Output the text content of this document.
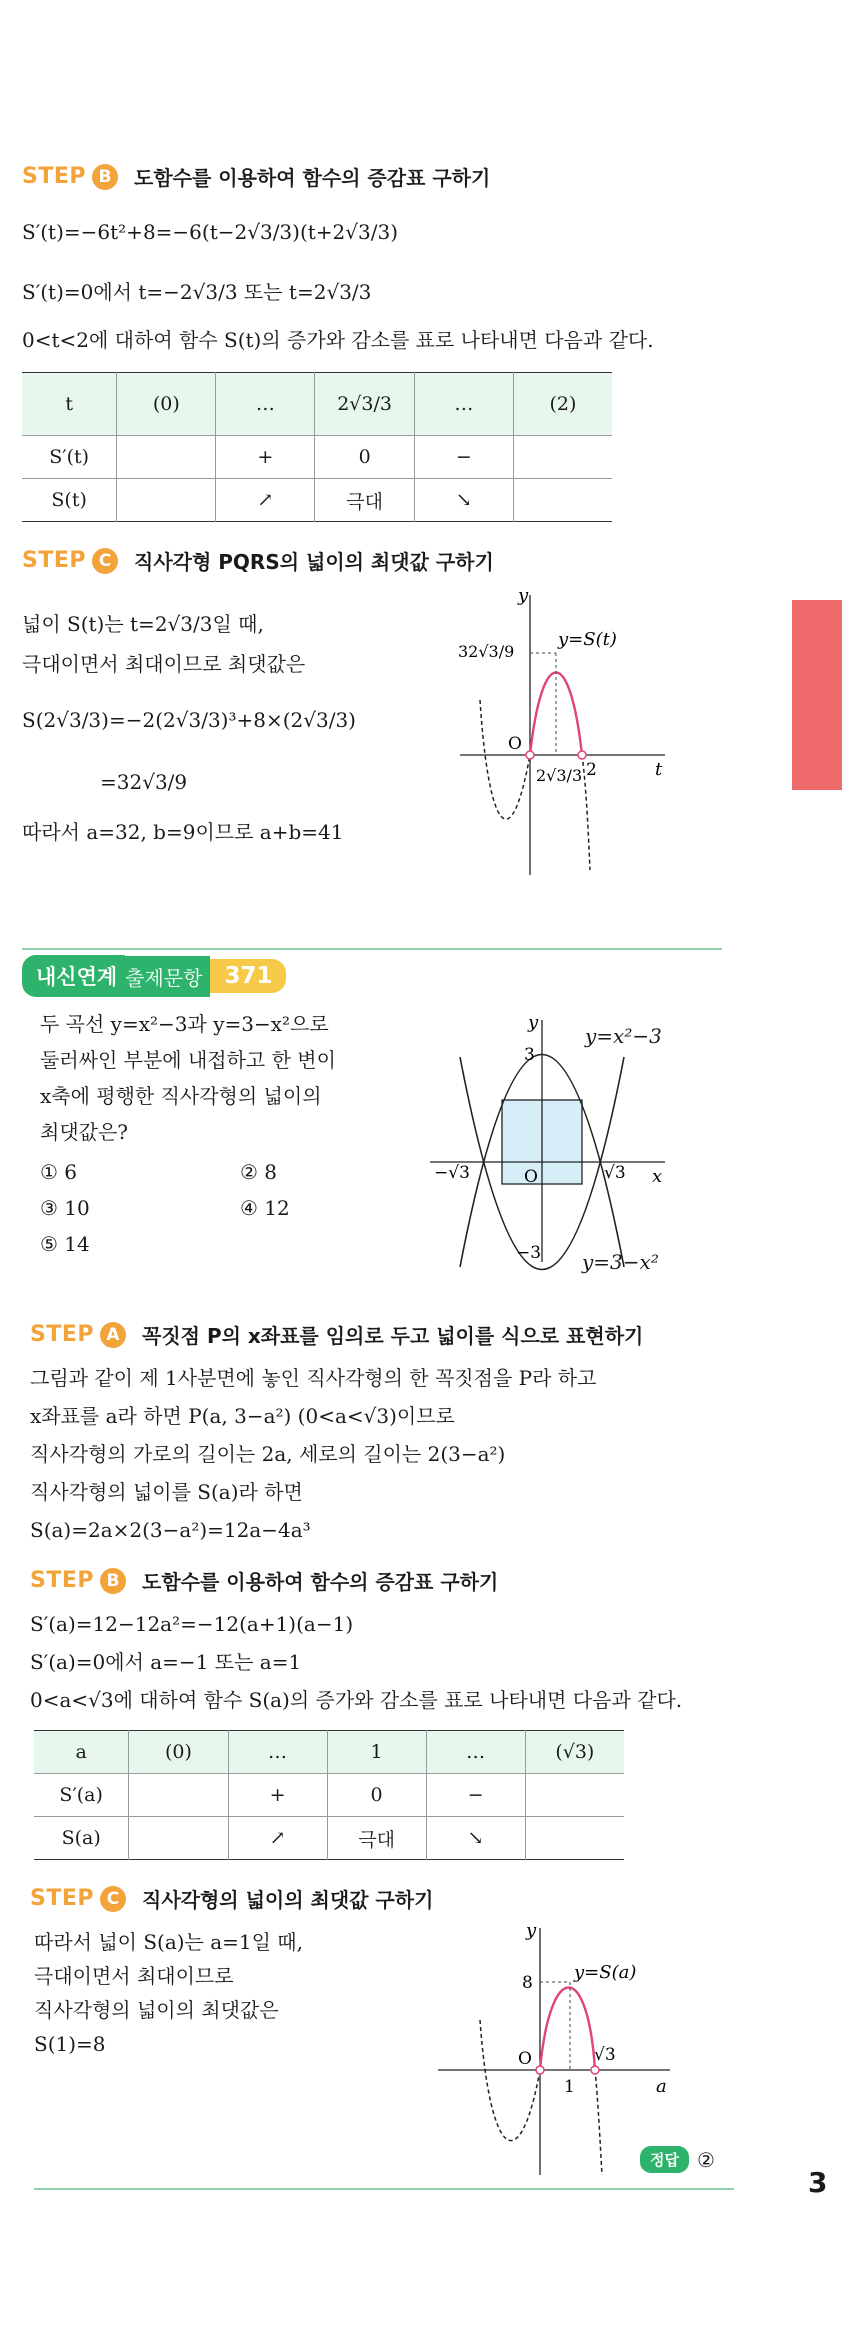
3
STEP B	도함수를 이용하여 함수의 증감표 구하기
S′(t)=−6t²+8=−6(t−2√3/3)(t+2√3/3)
S′(t)=0에서 t=−2√3/3 또는 t=2√3/3
0<t<2에 대하여 함수 S(t)의 증가와 감소를 표로 나타내면 다음과 같다.
t	(0)	…	2√3/3	…	(2)
S′(t)		+	0	−	
S(t)		↗	극대	↘	
STEP C	직사각형 PQRS의 넓이의 최댓값 구하기
넓이 S(t)는 t=2√3/3일 때,
극대이면서 최대이므로 최댓값은
S(2√3/3)=−2(2√3/3)³+8×(2√3/3)
=32√3/9
따라서 a=32, b=9이므로 a+b=41
y
t
O
32√3/9
2√3/3 2
y=S(t)
내신연계 출제문항 371
두 곡선 y=x²−3과 y=3−x²으로
둘러싸인 부분에 내접하고 한 변이
x축에 평행한 직사각형의 넓이의
최댓값은?
① 6	② 8
③ 10	④ 12
⑤ 14
y
x
O
3
−3
−√3	√3
y=x²−3
y=3−x²
STEP A	꼭짓점 P의 x좌표를 임의로 두고 넓이를 식으로 표현하기
그림과 같이 제 1사분면에 놓인 직사각형의 한 꼭짓점을 P라 하고
x좌표를 a라 하면 P(a, 3−a²) (0<a<√3)이므로
직사각형의 가로의 길이는 2a, 세로의 길이는 2(3−a²)
직사각형의 넓이를 S(a)라 하면
S(a)=2a×2(3−a²)=12a−4a³
STEP B	도함수를 이용하여 함수의 증감표 구하기
S′(a)=12−12a²=−12(a+1)(a−1)
S′(a)=0에서 a=−1 또는 a=1
0<a<√3에 대하여 함수 S(a)의 증가와 감소를 표로 나타내면 다음과 같다.
a	(0)	…	1	…	(√3)
S′(a)		+	0	−	
S(a)		↗	극대	↘	
STEP C	직사각형의 넓이의 최댓값 구하기
따라서 넓이 S(a)는 a=1일 때,
극대이면서 최대이므로
직사각형의 넓이의 최댓값은
S(1)=8
y
a
O
8
1
√3
y=S(a)
정답 ②
